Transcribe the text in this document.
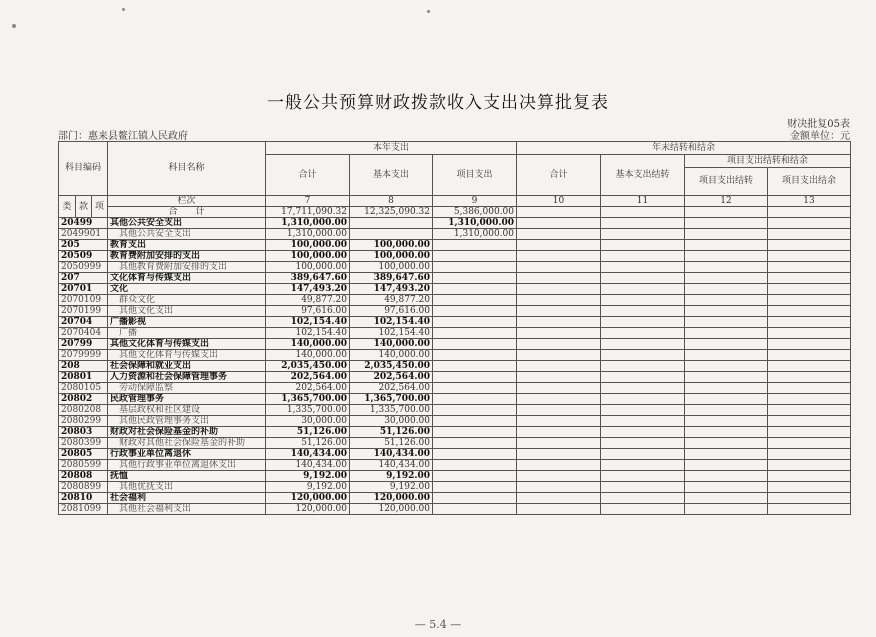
一般公共预算财政拨款收入支出决算批复表
财决批复05表
金额单位：元
部门：惠来县鳌江镇人民政府
科目编码			科目名称	本年支出			年末结转和结余			
				合计	基本支出	项目支出	合计	基本支出结转	项目支出结转和结余	
									项目支出结转	项目支出结余
类	款	项	栏次	7	8	9	10	11	12	13
			合　　计	17,711,090.32	12,325,090.32	5,386,000.00				
20499			其他公共安全支出	1,310,000.00		1,310,000.00				
2049901			其他公共安全支出	1,310,000.00		1,310,000.00				
205			教育支出	100,000.00	100,000.00					
20509			教育费附加安排的支出	100,000.00	100,000.00					
2050999			其他教育费附加安排的支出	100,000.00	100,000.00					
207			文化体育与传媒支出	389,647.60	389,647.60					
20701			文化	147,493.20	147,493.20					
2070109			群众文化	49,877.20	49,877.20					
2070199			其他文化支出	97,616.00	97,616.00					
20704			广播影视	102,154.40	102,154.40					
2070404			广播	102,154.40	102,154.40					
20799			其他文化体育与传媒支出	140,000.00	140,000.00					
2079999			其他文化体育与传媒支出	140,000.00	140,000.00					
208			社会保障和就业支出	2,035,450.00	2,035,450.00					
20801			人力资源和社会保障管理事务	202,564.00	202,564.00					
2080105			劳动保障监察	202,564.00	202,564.00					
20802			民政管理事务	1,365,700.00	1,365,700.00					
2080208			基层政权和社区建设	1,335,700.00	1,335,700.00					
2080299			其他民政管理事务支出	30,000.00	30,000.00					
20803			财政对社会保险基金的补助	51,126.00	51,126.00					
2080399			财政对其他社会保险基金的补助	51,126.00	51,126.00					
20805			行政事业单位离退休	140,434.00	140,434.00					
2080599			其他行政事业单位离退休支出	140,434.00	140,434.00					
20808			抚恤	9,192.00	9,192.00					
2080899			其他优抚支出	9,192.00	9,192.00					
20810			社会福利	120,000.00	120,000.00					
2081099			其他社会福利支出	120,000.00	120,000.00					
— 5.4 —
